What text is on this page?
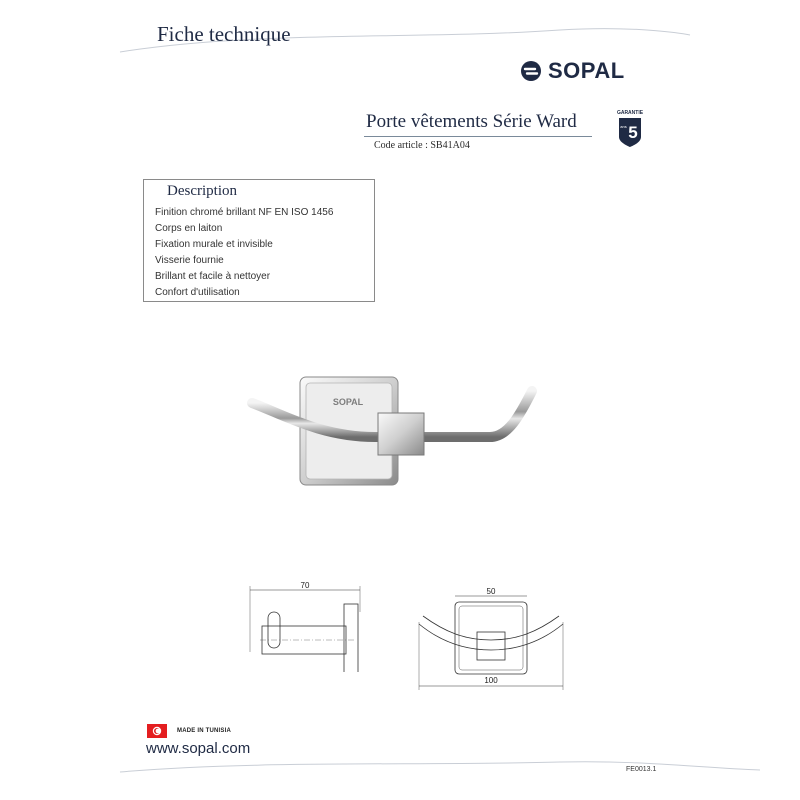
Fiche technique
SOPAL
Porte vêtements Série Ward
Code article : SB41A04
GARANTIE
5
ans
Description
Finition chromé brillant NF EN ISO 1456
Corps en laiton
Fixation murale et invisible
Visserie fournie
Brillant et facile à nettoyer
Confort d'utilisation
SOPAL
70
50
100
MADE IN TUNISIA
www.sopal.com
FE0013.1
